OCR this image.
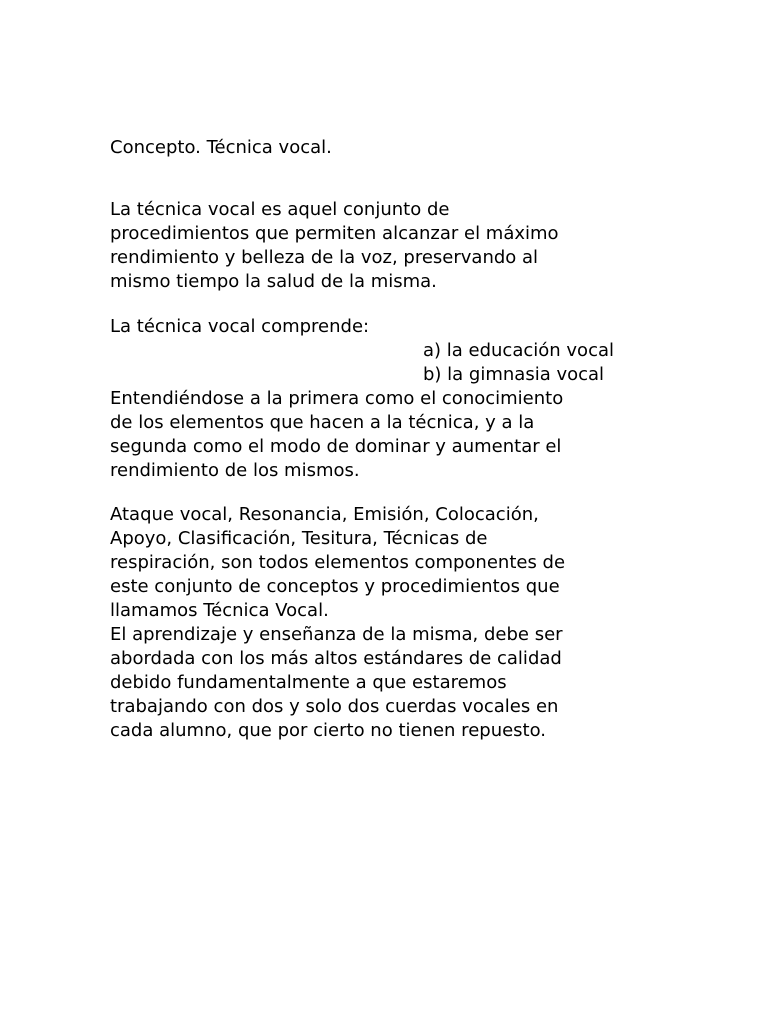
Concepto. Técnica vocal.
La técnica vocal es aquel conjunto de
procedimientos que permiten alcanzar el máximo
rendimiento y belleza de la voz, preservando al
mismo tiempo la salud de la misma.
La técnica vocal comprende:
a) la educación vocal
b) la gimnasia vocal
Entendiéndose a la primera como el conocimiento
de los elementos que hacen a la técnica, y a la
segunda como el modo de dominar y aumentar el
rendimiento de los mismos.
Ataque vocal, Resonancia, Emisión, Colocación,
Apoyo, Clasificación, Tesitura, Técnicas de
respiración, son todos elementos componentes de
este conjunto de conceptos y procedimientos que
llamamos Técnica Vocal.
El aprendizaje y enseñanza de la misma, debe ser
abordada con los más altos estándares de calidad
debido fundamentalmente a que estaremos
trabajando con dos y solo dos cuerdas vocales en
cada alumno, que por cierto no tienen repuesto.
